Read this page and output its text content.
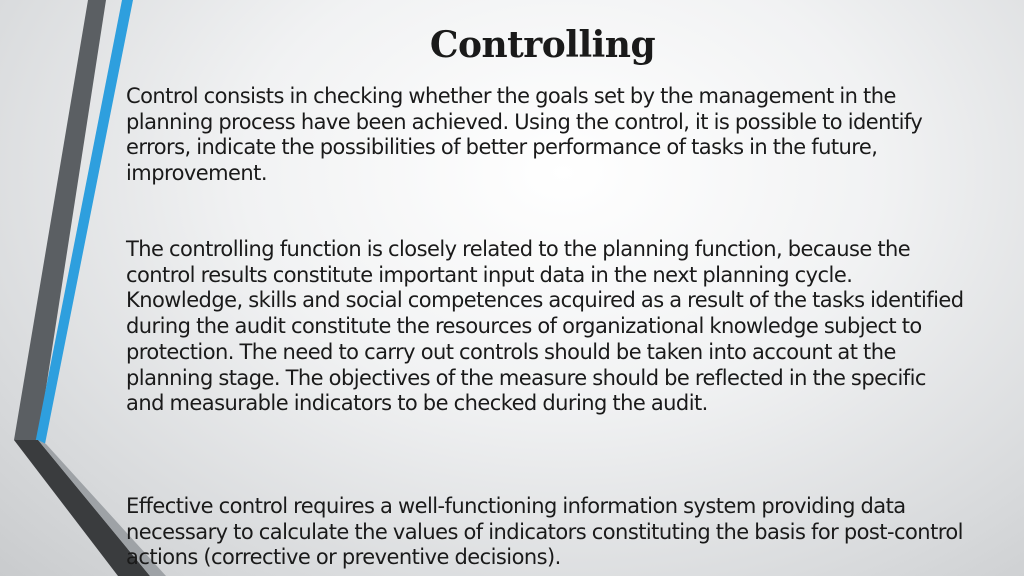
Controlling

Control consists in checking whether the goals set by the management in the planning process have been achieved. Using the control, it is possible to identify errors, indicate the possibilities of better performance of tasks in the future, improvement.

The controlling function is closely related to the planning function, because the control results constitute important input data in the next planning cycle. Knowledge, skills and social competences acquired as a result of the tasks identified during the audit constitute the resources of organizational knowledge subject to protection. The need to carry out controls should be taken into account at the planning stage. The objectives of the measure should be reflected in the specific and measurable indicators to be checked during the audit.

Effective control requires a well-functioning information system providing data necessary to calculate the values of indicators constituting the basis for post-control actions (corrective or preventive decisions).
